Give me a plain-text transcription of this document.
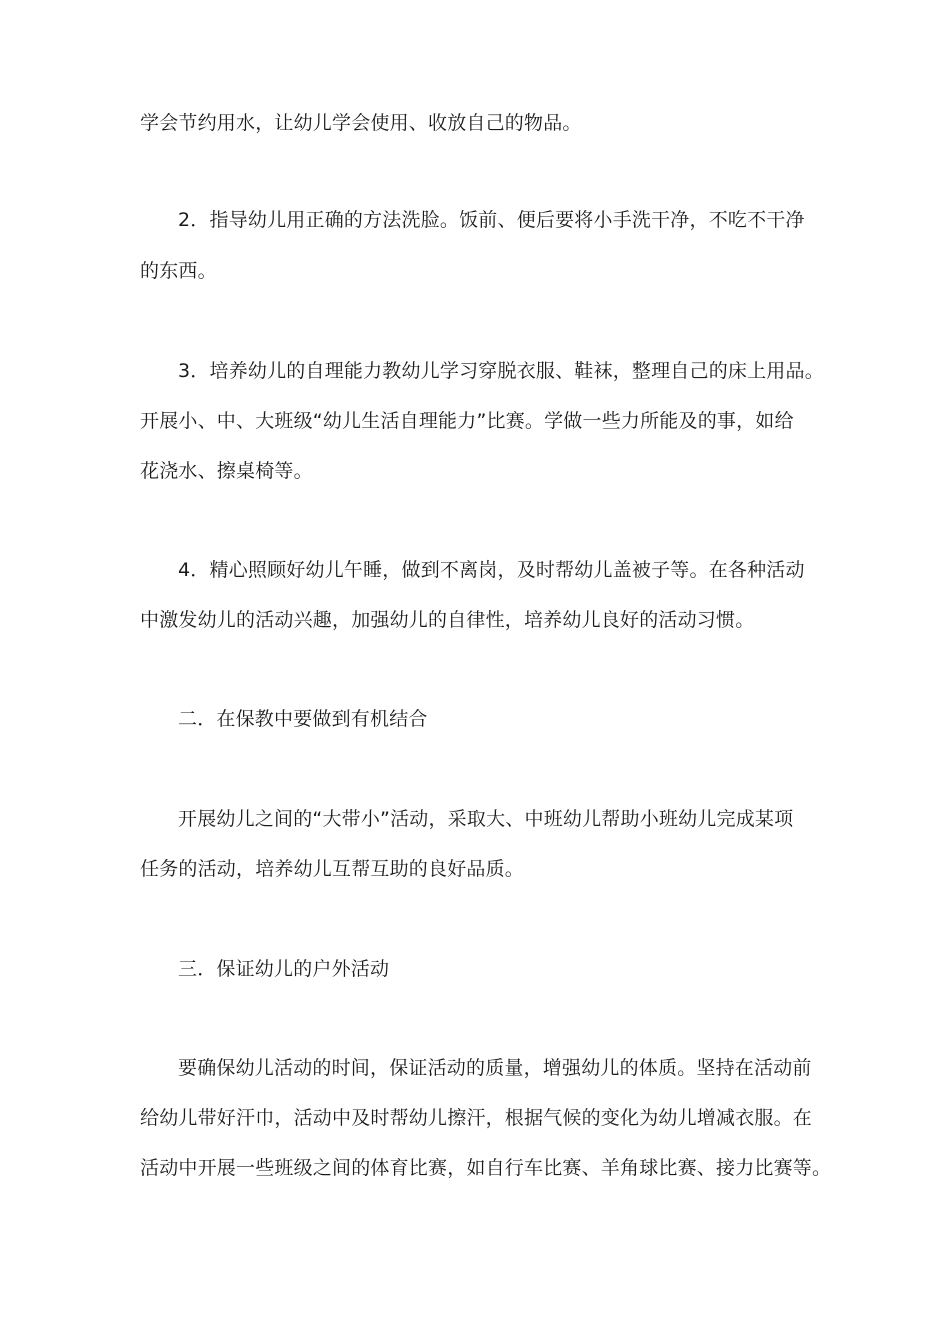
学会节约用水，让幼儿学会使用、收放自己的物品。
2．指导幼儿用正确的方法洗脸。饭前、便后要将小手洗干净，不吃不干净
的东西。
3．培养幼儿的自理能力教幼儿学习穿脱衣服、鞋袜，整理自己的床上用品。
开展小、中、大班级“幼儿生活自理能力”比赛。学做一些力所能及的事，如给
花浇水、擦桌椅等。
4．精心照顾好幼儿午睡，做到不离岗，及时帮幼儿盖被子等。在各种活动
中激发幼儿的活动兴趣，加强幼儿的自律性，培养幼儿良好的活动习惯。
二．在保教中要做到有机结合
开展幼儿之间的“大带小”活动，采取大、中班幼儿帮助小班幼儿完成某项
任务的活动，培养幼儿互帮互助的良好品质。
三．保证幼儿的户外活动
要确保幼儿活动的时间，保证活动的质量，增强幼儿的体质。坚持在活动前
给幼儿带好汗巾，活动中及时帮幼儿擦汗，根据气候的变化为幼儿增减衣服。在
活动中开展一些班级之间的体育比赛，如自行车比赛、羊角球比赛、接力比赛等。
